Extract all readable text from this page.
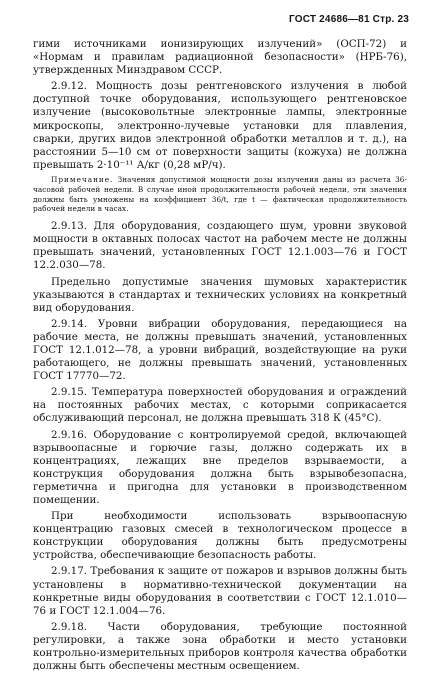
ГОСТ 24686—81 Стр. 23

гими источниками ионизирующих излучений» (ОСП-72) и «Нормам и правилам радиационной безопасности» (НРБ-76), утвержденных Минздравом СССР.

2.9.12. Мощность дозы рентгеновского излучения в любой доступной точке оборудования, использующего рентгеновское излучение (высоковольтные электронные лампы, электронные микроскопы, электронно-лучевые установки для плавления, сварки, других видов электронной обработки металлов и т. д.), на расстоянии 5—10 см от поверхности защиты (кожуха) не должна превышать 2·10⁻¹¹ А/кг (0,28 мР/ч).

Примечание. Значения допустимой мощности дозы излучения даны из расчета 36-часовой рабочей недели. В случае иной продолжительности рабочей недели, эти значения должны быть умножены на коэффициент 36/t, где t — фактическая продолжительность рабочей недели в часах.

2.9.13. Для оборудования, создающего шум, уровни звуковой мощности в октавных полосах частот на рабочем месте не должны превышать значений, установленных ГОСТ 12.1.003—76 и ГОСТ 12.2.030—78.

Предельно допустимые значения шумовых характеристик указываются в стандартах и технических условиях на конкретный вид оборудования.

2.9.14. Уровни вибрации оборудования, передающиеся на рабочие места, не должны превышать значений, установленных ГОСТ 12.1.012—78, а уровни вибраций, воздействующие на руки работающего, не должны превышать значений, установленных ГОСТ 17770—72.

2.9.15. Температура поверхностей оборудования и ограждений на постоянных рабочих местах, с которыми соприкасается обслуживающий персонал, не должна превышать 318 К (45°С).

2.9.16. Оборудование с контролируемой средой, включающей взрывоопасные и горючие газы, должно содержать их в концентрациях, лежащих вне пределов взрываемости, а конструкция оборудования должна быть взрывобезопасна, герметична и пригодна для установки в производственном помещении.

При необходимости использовать взрывоопасную концентрацию газовых смесей в технологическом процессе в конструкции оборудования должны быть предусмотрены устройства, обеспечивающие безопасность работы.

2.9.17. Требования к защите от пожаров и взрывов должны быть установлены в нормативно-технической документации на конкретные виды оборудования в соответствии с ГОСТ 12.1.010—76 и ГОСТ 12.1.004—76.

2.9.18. Части оборудования, требующие постоянной регулировки, а также зона обработки и место установки контрольно-измерительных приборов контроля качества обработки должны быть обеспечены местным освещением.
